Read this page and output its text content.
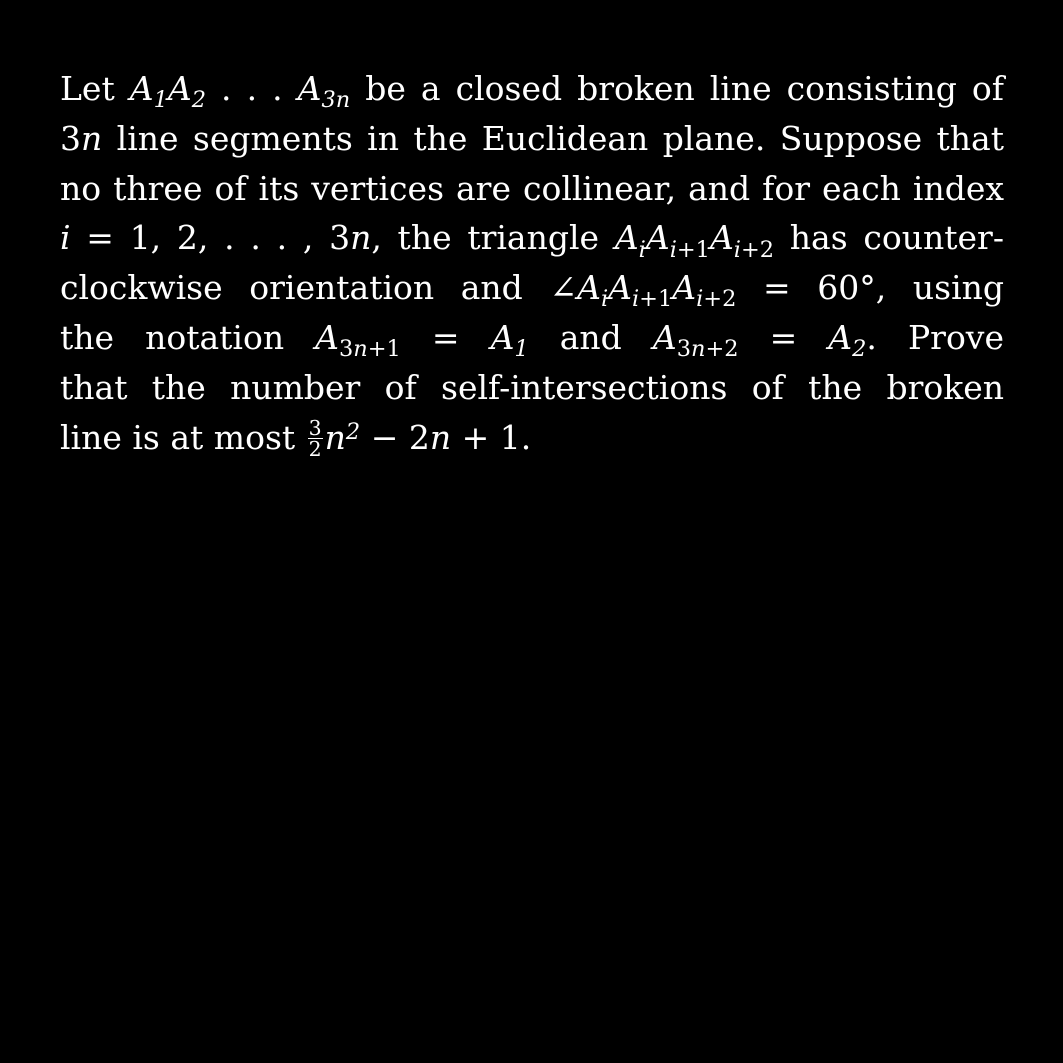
Let $A_1A_2$ . . . $A_{3n}$ be a closed broken line consisting of
3n line segments in the Euclidean plane. Suppose that
no three of its vertices are collinear, and for each index
i = 1, 2, . . . , 3n, the triangle $A_iA_{i+1}A_{i+2}$ has counter-
clockwise orientation and $\angle A_iA_{i+1}A_{i+2} = 60^\circ$, using
the notation $A_{3n+1} = A_1$ and $A_{3n+2} = A_2$. Prove
that the number of self-intersections of the broken
line is at most $\frac{3}{2} n^2 - 2n + 1$.
